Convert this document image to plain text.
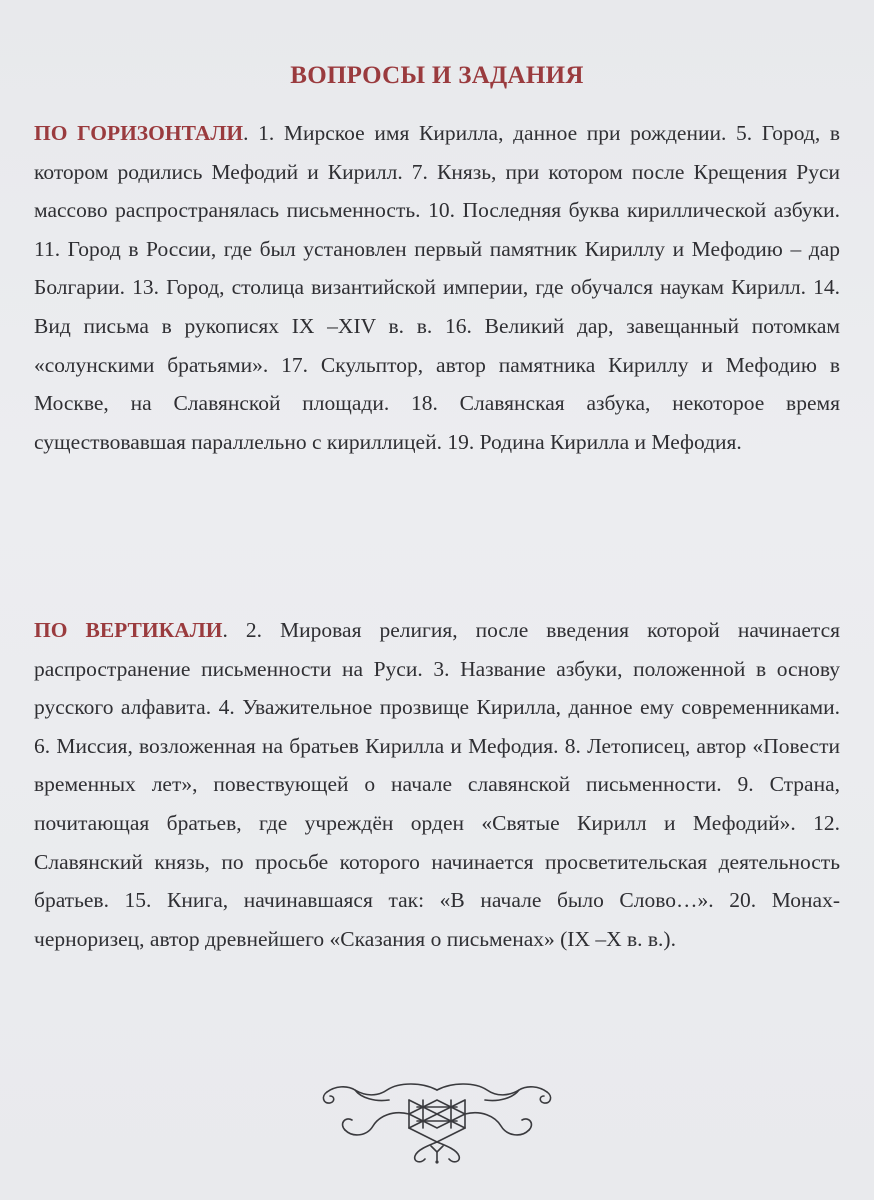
ВОПРОСЫ И ЗАДАНИЯ
ПО ГОРИЗОНТАЛИ. 1. Мирское имя Кирилла, данное при рождении. 5. Город, в котором родились Мефодий и Кирилл. 7. Князь, при котором после Крещения Руси массово распространялась письменность. 10. Последняя буква кириллической азбуки. 11. Город в России, где был установлен первый памятник Кириллу и Мефодию – дар Болгарии. 13. Город, столица византийской империи, где обучался наукам Кирилл. 14. Вид письма в рукописях IX –XIV в. в. 16. Великий дар, завещанный потомкам «солунскими братьями». 17. Скульптор, автор памятника Кириллу и Мефодию в Москве, на Славянской площади. 18. Славянская азбука, некоторое время существовавшая параллельно с кириллицей. 19. Родина Кирилла и Мефодия.
ПО ВЕРТИКАЛИ. 2. Мировая религия, после введения которой начинается распространение письменности на Руси. 3. Название азбуки, положенной в основу русского алфавита. 4. Уважительное прозвище Кирилла, данное ему современниками. 6. Миссия, возложенная на братьев Кирилла и Мефодия. 8. Летописец, автор «Повести временных лет», повествующей о начале славянской письменности. 9. Страна, почитающая братьев, где учреждён орден «Святые Кирилл и Мефодий». 12. Славянский князь, по просьбе которого начинается просветительская деятельность братьев. 15. Книга, начинавшаяся так: «В начале было Слово…». 20. Монах-черноризец, автор древнейшего «Сказания о письменах» (IX –X в. в.).
